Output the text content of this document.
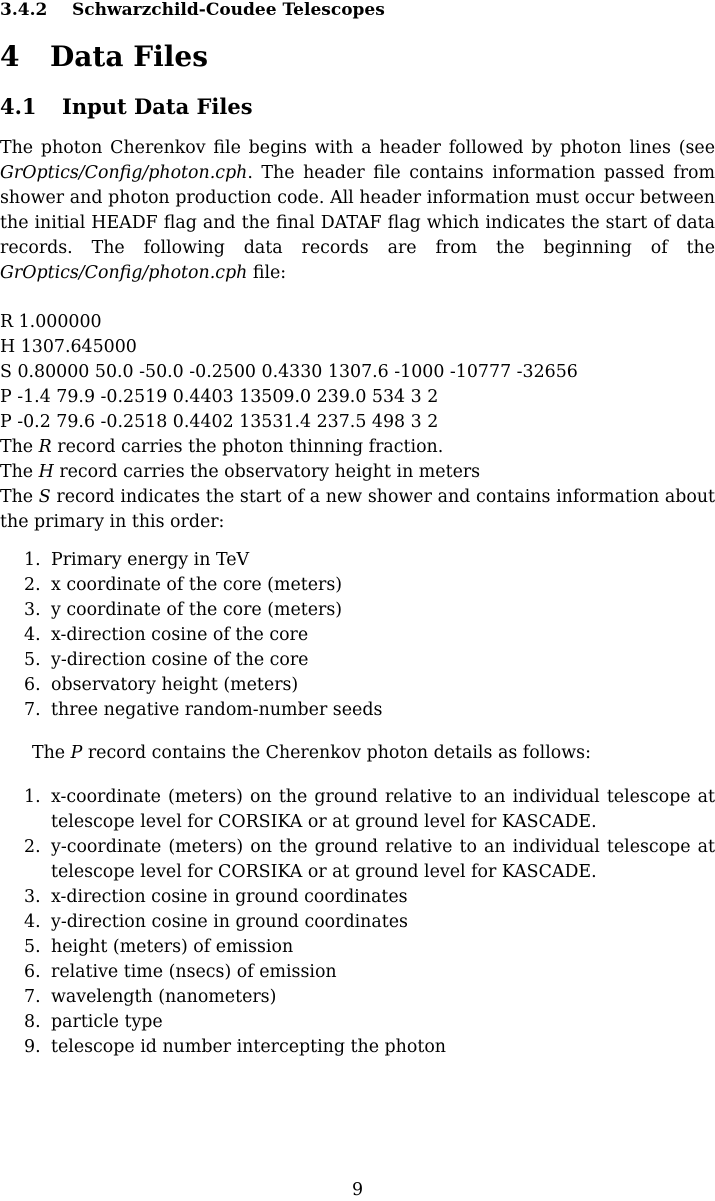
3.4.2 Schwarzchild-Coudee Telescopes
4 Data Files
4.1 Input Data Files

The photon Cherenkov file begins with a header followed by photon lines (see GrOptics/Config/photon.cph. The header file contains information passed from shower and photon production code. All header information must occur between the initial HEADF flag and the final DATAF flag which indicates the start of data records. The following data records are from the beginning of the GrOptics/Config/photon.cph file:

R 1.000000
H 1307.645000
S 0.80000 50.0 -50.0 -0.2500 0.4330 1307.6 -1000 -10777 -32656
P -1.4 79.9 -0.2519 0.4403 13509.0 239.0 534 3 2
P -0.2 79.6 -0.2518 0.4402 13531.4 237.5 498 3 2
The R record carries the photon thinning fraction.
The H record carries the observatory height in meters
The S record indicates the start of a new shower and contains information about the primary in this order:
1. Primary energy in TeV
2. x coordinate of the core (meters)
3. y coordinate of the core (meters)
4. x-direction cosine of the core
5. y-direction cosine of the core
6. observatory height (meters)
7. three negative random-number seeds
The P record contains the Cherenkov photon details as follows:
1. x-coordinate (meters) on the ground relative to an individual telescope at telescope level for CORSIKA or at ground level for KASCADE.
2. y-coordinate (meters) on the ground relative to an individual telescope at telescope level for CORSIKA or at ground level for KASCADE.
3. x-direction cosine in ground coordinates
4. y-direction cosine in ground coordinates
5. height (meters) of emission
6. relative time (nsecs) of emission
7. wavelength (nanometers)
8. particle type
9. telescope id number intercepting the photon
9
